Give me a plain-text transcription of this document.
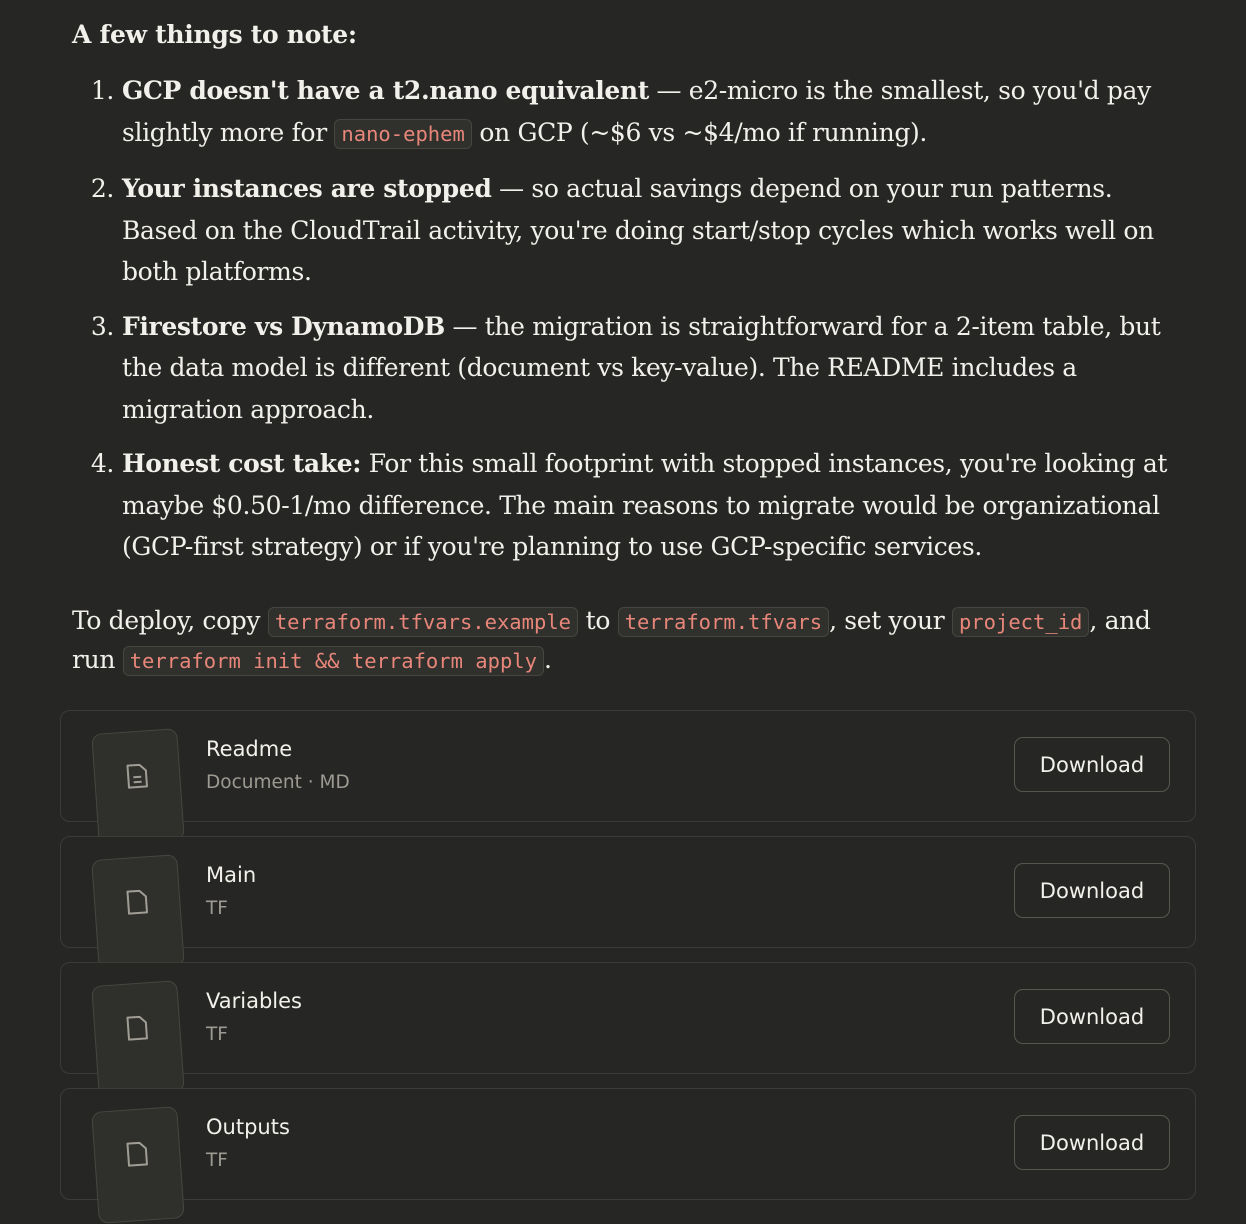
A few things to note:

1. GCP doesn't have a t2.nano equivalent — e2-micro is the smallest, so you'd pay slightly more for nano-ephem on GCP (~$6 vs ~$4/mo if running).
2. Your instances are stopped — so actual savings depend on your run patterns. Based on the CloudTrail activity, you're doing start/stop cycles which works well on both platforms.
3. Firestore vs DynamoDB — the migration is straightforward for a 2-item table, but the data model is different (document vs key-value). The README includes a migration approach.
4. Honest cost take: For this small footprint with stopped instances, you're looking at maybe $0.50-1/mo difference. The main reasons to migrate would be organizational (GCP-first strategy) or if you're planning to use GCP-specific services.

To deploy, copy terraform.tfvars.example to terraform.tfvars , set your project_id , and run terraform init && terraform apply .

Readme
Document · MD
Download
Main
TF
Download
Variables
TF
Download
Outputs
TF
Download
